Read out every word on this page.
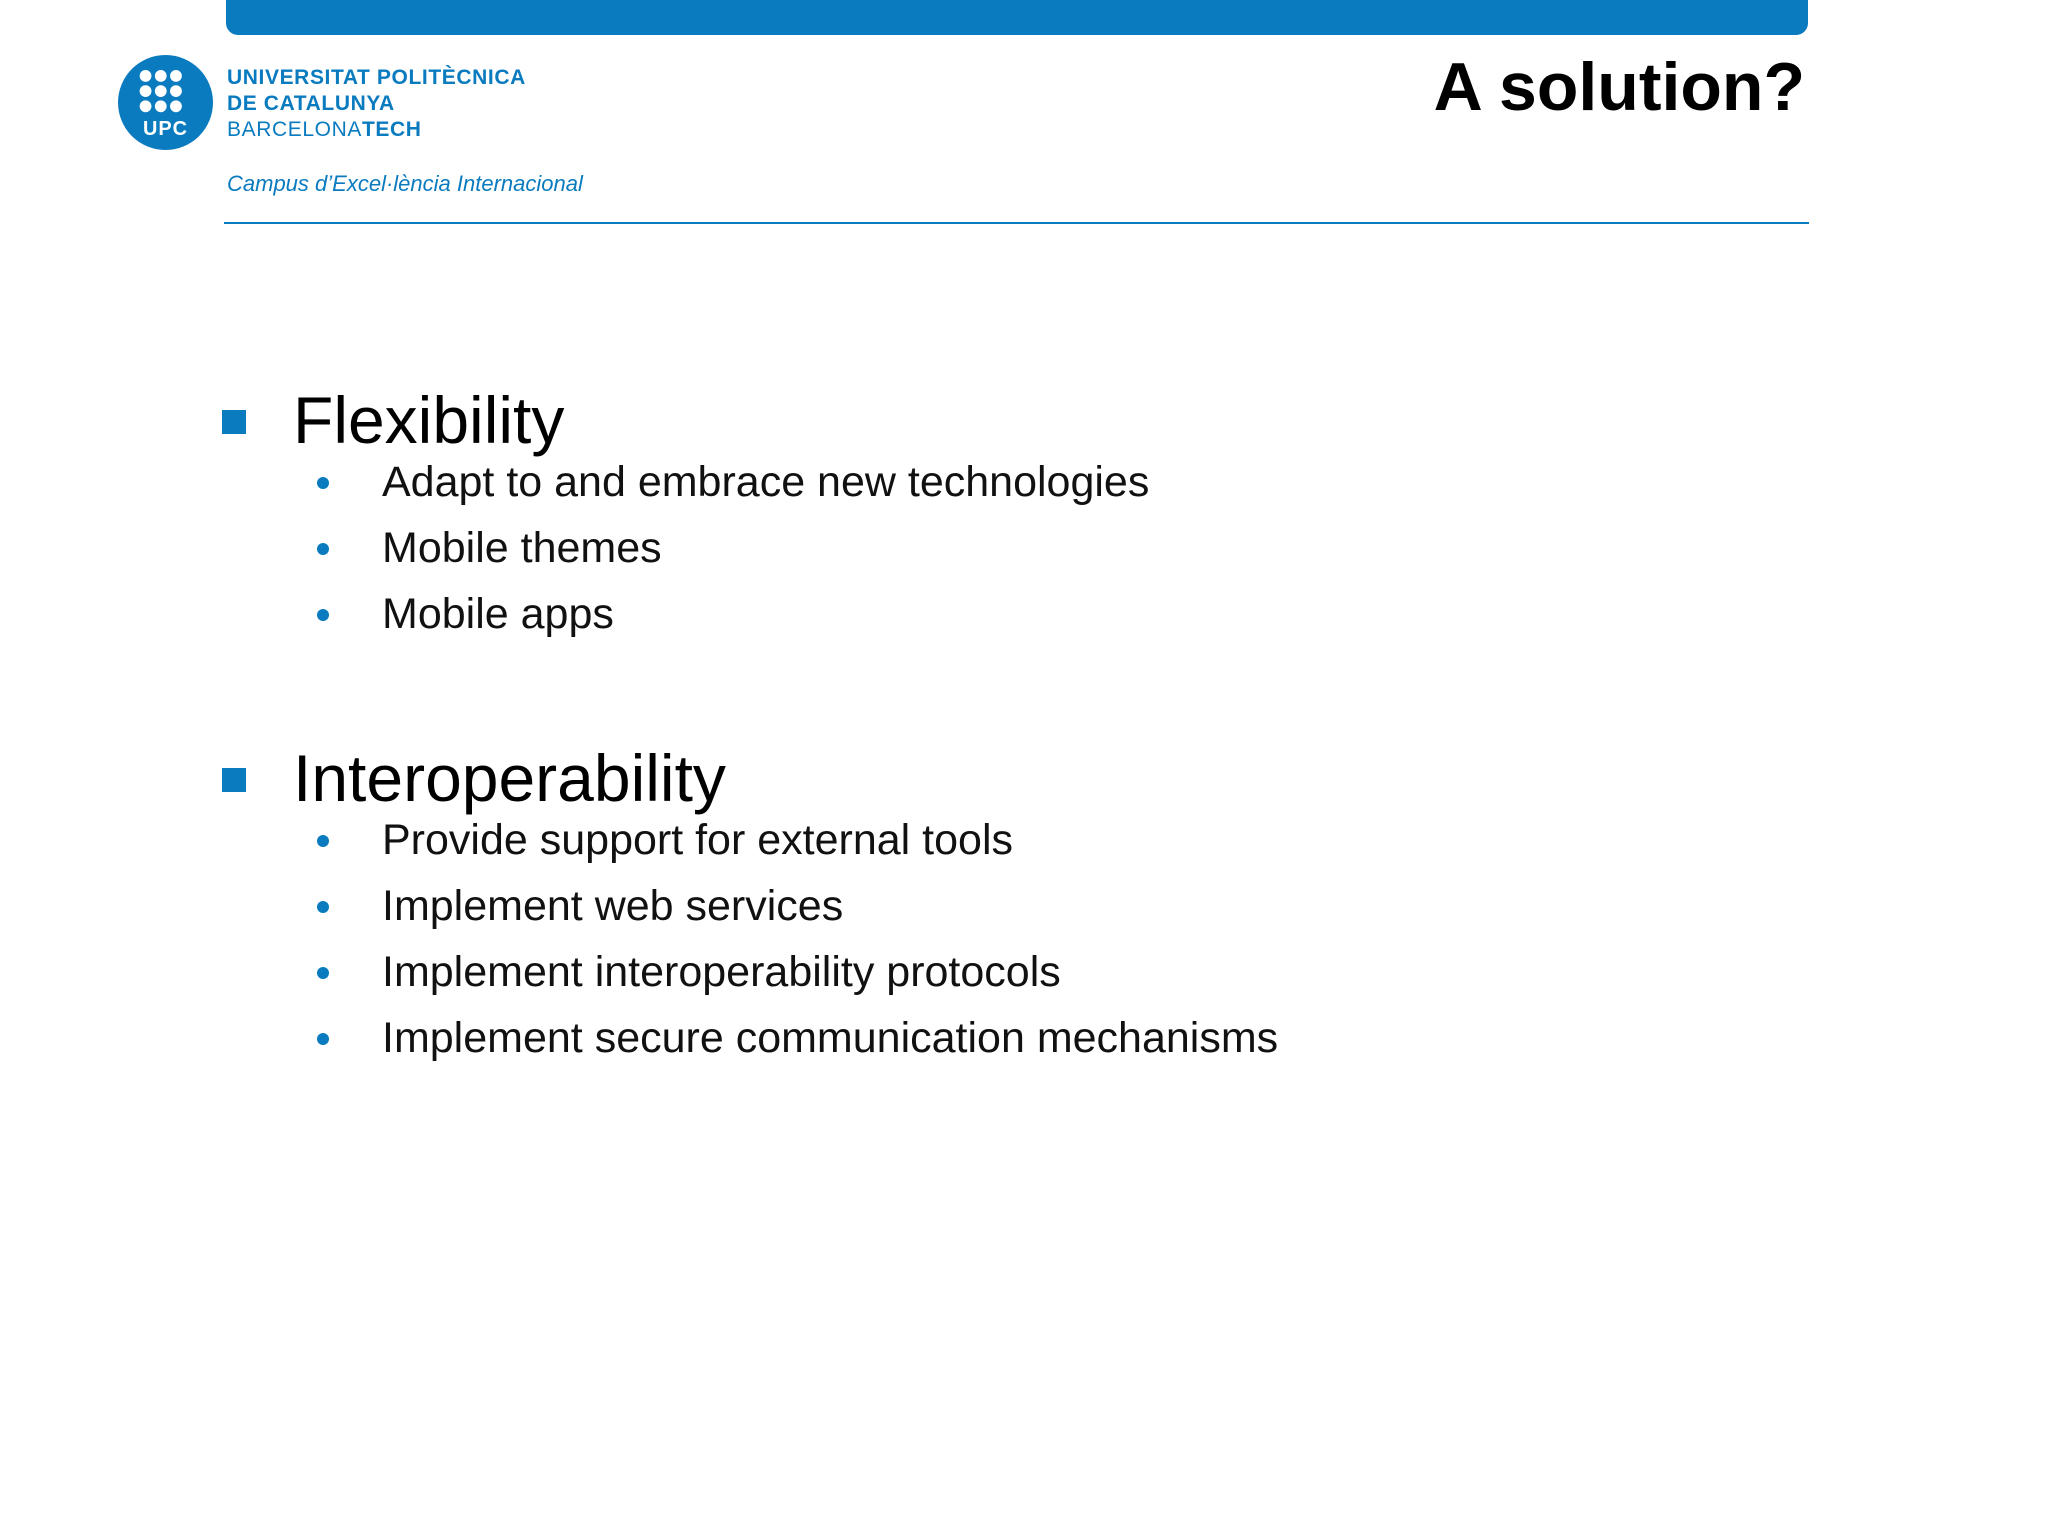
UPC
UNIVERSITAT POLITÈCNICA
DE CATALUNYA
BARCELONATECH
Campus d’Excel·lència Internacional
A solution?
Flexibility
Adapt to and embrace new technologies
Mobile themes
Mobile apps
Interoperability
Provide support for external tools
Implement web services
Implement interoperability protocols
Implement secure communication mechanisms
